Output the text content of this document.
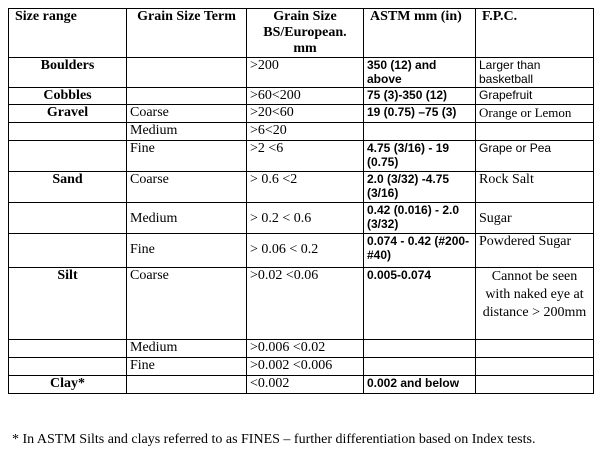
Size range	Grain Size Term	Grain Size BS/European. mm	ASTM mm (in)	F.P.C.
Boulders		>200	350 (12) and above	Larger than basketball
Cobbles		>60<200	75 (3)-350 (12)	Grapefruit
Gravel	Coarse	>20<60	19 (0.75) –75 (3)	Orange or Lemon
	Medium	>6<20		
	Fine	>2 <6	4.75 (3/16) - 19 (0.75)	Grape or Pea
Sand	Coarse	> 0.6 <2	2.0 (3/32) -4.75 (3/16)	Rock Salt
	Medium	> 0.2 < 0.6	0.42 (0.016) - 2.0 (3/32)	Sugar
	Fine	> 0.06 < 0.2	0.074 - 0.42 (#200-#40)	Powdered Sugar
Silt	Coarse	>0.02 <0.06	0.005-0.074	Cannot be seen with naked eye at distance > 200mm
	Medium	>0.006 <0.02		
	Fine	>0.002 <0.006		
Clay*		<0.002	0.002 and below	
* In ASTM Silts and clays referred to as FINES – further differentiation based on Index tests.
